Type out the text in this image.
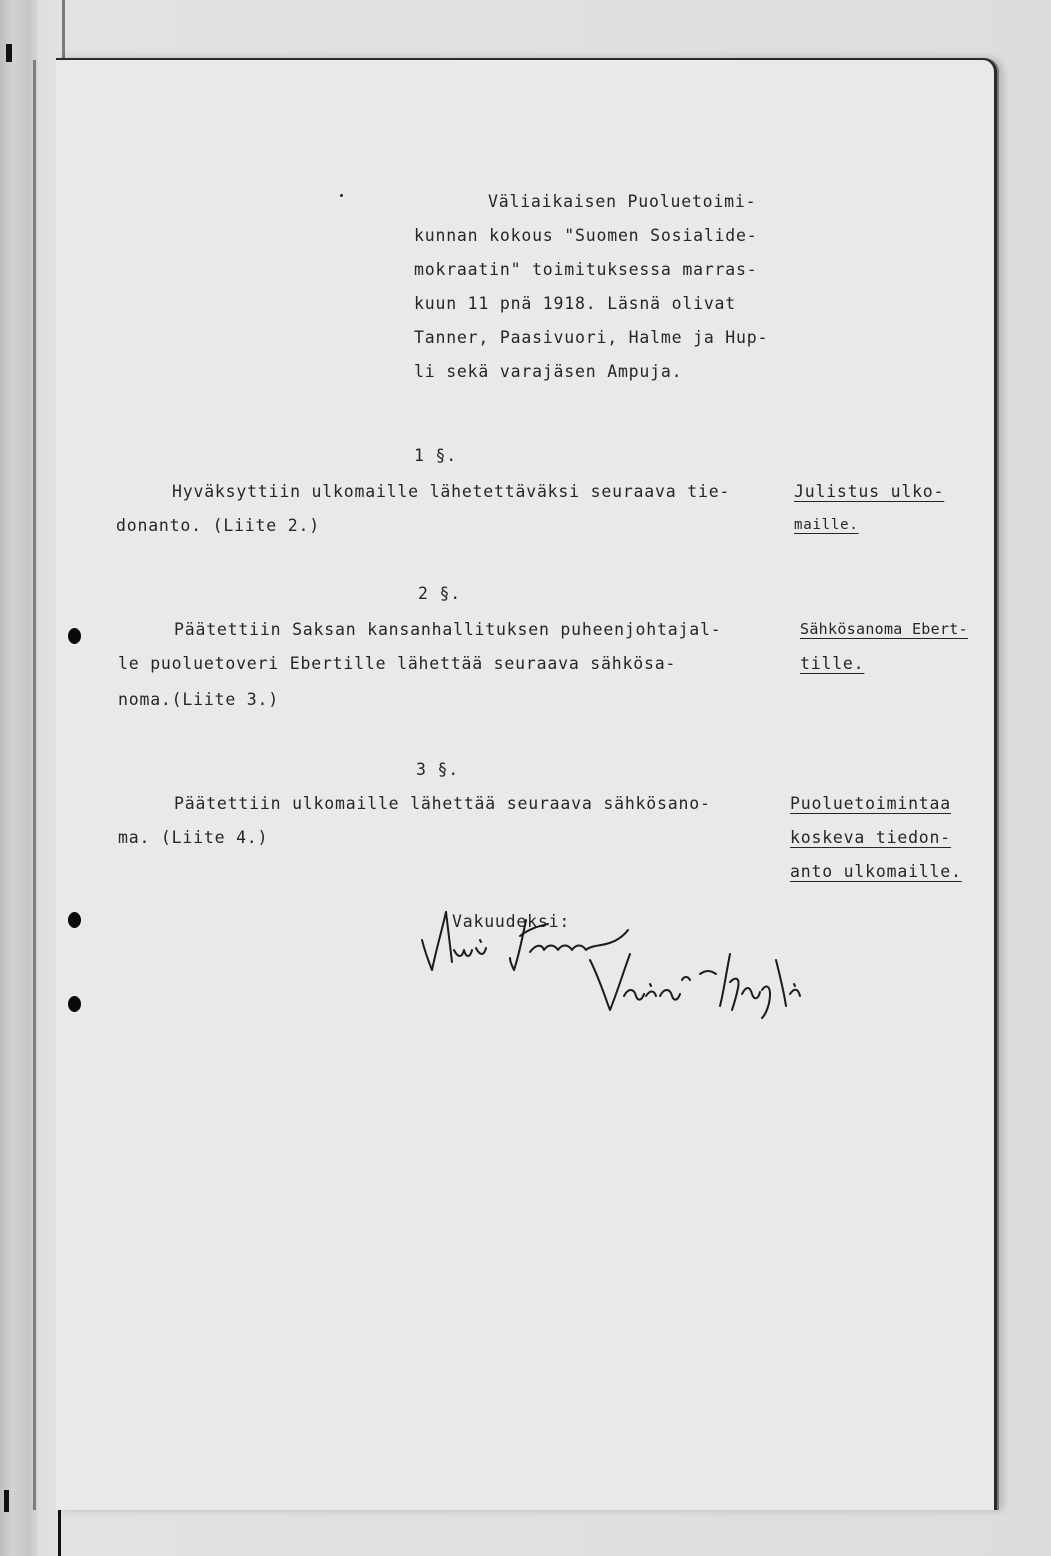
Väliaikaisen Puoluetoimi-
kunnan kokous "Suomen Sosialide-
mokraatin" toimituksessa marras-
kuun 11 pnä 1918. Läsnä olivat
Tanner, Paasivuori, Halme ja Hup-
li sekä varajäsen Ampuja.
1 §.
Hyväksyttiin ulkomaille lähetettäväksi seuraava tie-
donanto. (Liite 2.)
Julistus ulko-
maille.
2 §.
Päätettiin Saksan kansanhallituksen puheenjohtajal-
le puoluetoveri Ebertille lähettää seuraava sähkösa-
noma.(Liite 3.)
Sähkösanoma Ebert-
tille.
3 §.
Päätettiin ulkomaille lähettää seuraava sähkösano-
ma. (Liite 4.)
Puoluetoimintaa
koskeva tiedon-
anto ulkomaille.
Vakuudeksi:
